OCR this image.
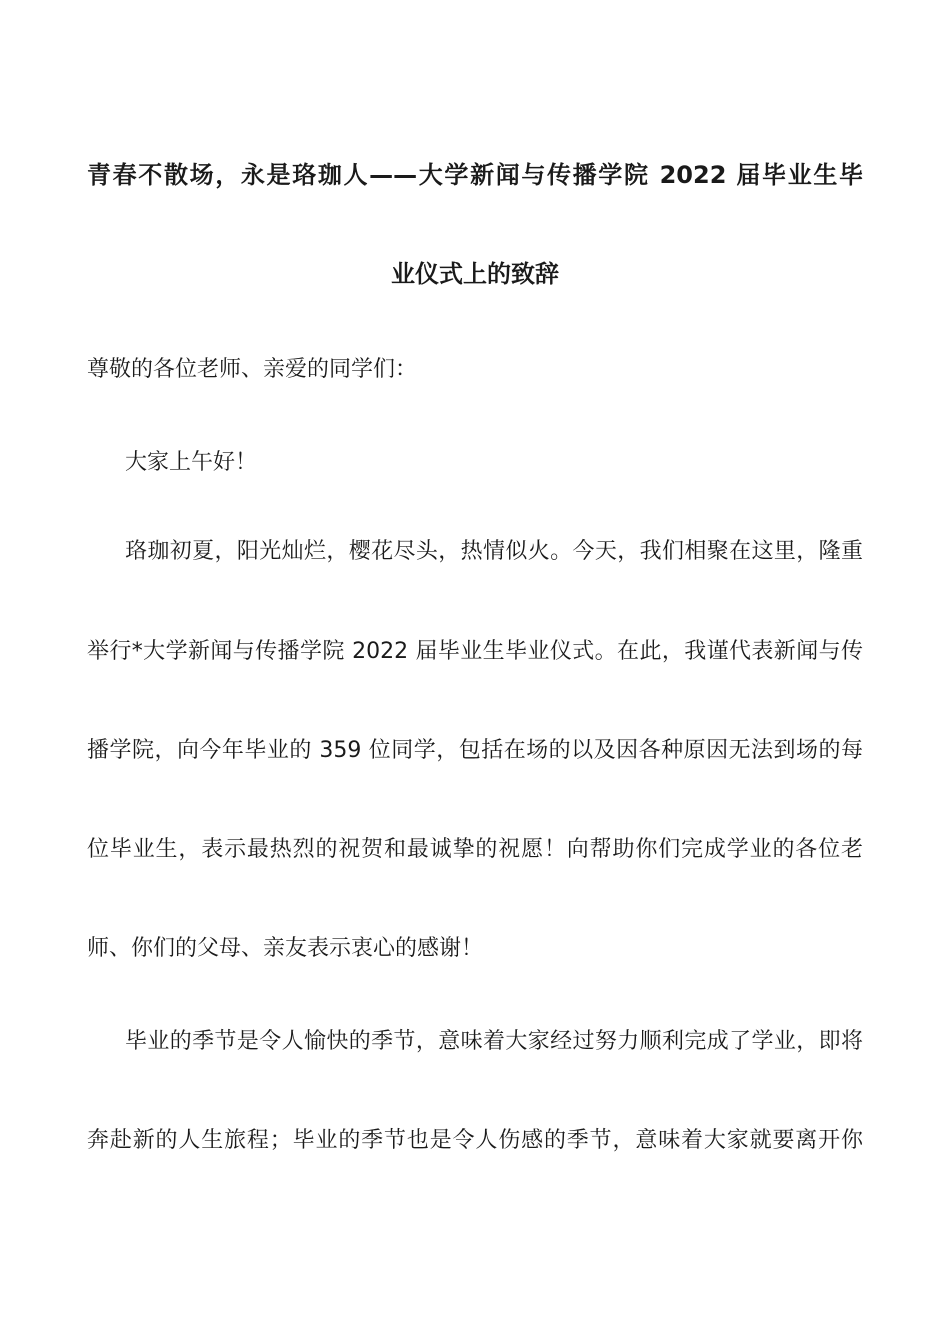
青春不散场，永是珞珈人——大学新闻与传播学院 2022 届毕业生毕
业仪式上的致辞
尊敬的各位老师、亲爱的同学们：
大家上午好！
珞珈初夏，阳光灿烂，樱花尽头，热情似火。今天，我们相聚在这里，隆重
举行*大学新闻与传播学院 2022 届毕业生毕业仪式。在此，我谨代表新闻与传
播学院，向今年毕业的 359 位同学，包括在场的以及因各种原因无法到场的每
位毕业生，表示最热烈的祝贺和最诚挚的祝愿！向帮助你们完成学业的各位老
师、你们的父母、亲友表示衷心的感谢！
毕业的季节是令人愉快的季节，意味着大家经过努力顺利完成了学业，即将
奔赴新的人生旅程；毕业的季节也是令人伤感的季节，意味着大家就要离开你
